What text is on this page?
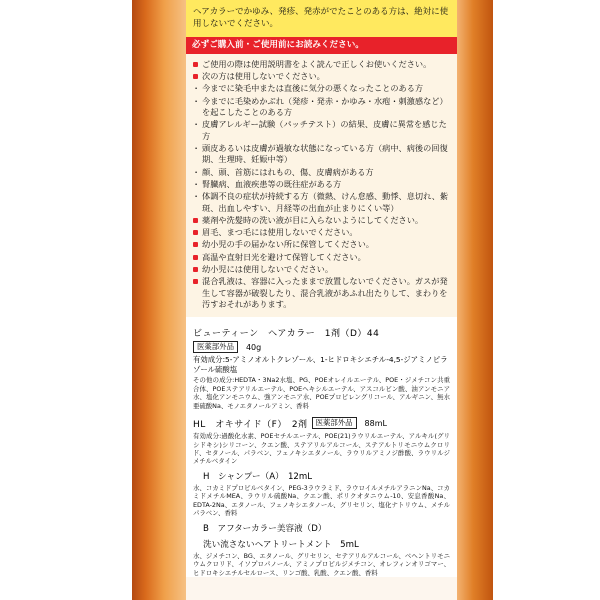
ヘアカラーでかゆみ、発疹、発赤がでたことのある方は、絶対に使用しないでください。
必ずご購入前・ご使用前にお読みください。
ご使用の際は使用説明書をよく読んで正しくお使いください。
次の方は使用しないでください。
・ 今までに染毛中または直後に気分の悪くなったことのある方
・ 今までに毛染めかぶれ（発疹・発赤・かゆみ・水疱・刺激感など）を起こしたことのある方
・ 皮膚アレルギー試験（パッチテスト）の結果、皮膚に異常を感じた方
・ 頭皮あるいは皮膚が過敏な状態になっている方（病中、病後の回復期、生理時、妊娠中等）
・ 顔、頭、首筋にはれもの、傷、皮膚病がある方
・ 腎臓病、血液疾患等の既往症がある方
・ 体調不良の症状が持続する方（微熱、けん怠感、動悸、息切れ、紫斑、出血しやすい、月経等の出血が止まりにくい等）
薬剤や洗髪時の洗い液が目に入らないようにしてください。
眉毛、まつ毛には使用しないでください。
幼小児の手の届かない所に保管してください。
高温や直射日光を避けて保管してください。
幼小児には使用しないでください。
混合乳液は、容器に入ったままで放置しないでください。ガスが発生して容器が破裂したり、混合乳液があふれ出たりして、まわりを汚すおそれがあります。
ビューティーン　ヘアカラー　1剤（D）44
医薬部外品	40g
有効成分:5-アミノオルトクレゾール、1-ヒドロキシエチル-4,5-ジアミノピラゾール硫酸塩
その他の成分:HEDTA・3Na2水塩、PG、POEオレイルエーテル、POE・ジメチコン共重合体、POEステアリルエーテル、POEヘキシルエーテル、アスコルビン酸、油アンモニア水、塩化アンモニウム、強アンモニア水、POEプロピレングリコール、アルギニン、無水亜硫酸Na、モノエタノールアミン、香料
HL　オキサイド（F）　2剤	医薬部外品	88mL
有効成分:過酸化水素、POEセチルエーテル、POE(21)ラウリルエーテル、アルキル(グリシドキシ)シリコーン、クエン酸、ステアリルアルコール、ステアルトリモニウムクロリド、セタノール、パラベン、フェノキシエタノール、ラウリルアミノジ酢酸、ラウリルジメチルベタイン
H　シャンプー（A）　12mL
水、コカミドプロピルベタイン、PEG-3ラウラミド、ラウロイルメチルアラニンNa、コカミドメチルMEA、ラウリル硫酸Na、クエン酸、ポリクオタニウム-10、安息香酸Na、EDTA-2Na、エタノール、フェノキシエタノール、グリセリン、塩化ナトリウム、メチルパラベン、香料
B　アフターカラー美容液（D）
洗い流さないヘアトリートメント　5mL
水、ジメチコン、BG、エタノール、グリセリン、セテアリルアルコール、ベヘントリモニウムクロリド、イソプロパノール、アミノプロピルジメチコン、オレフィンオリゴマー、ヒドロキシエチルセルロース、リンゴ酸、乳酸、クエン酸、香料
